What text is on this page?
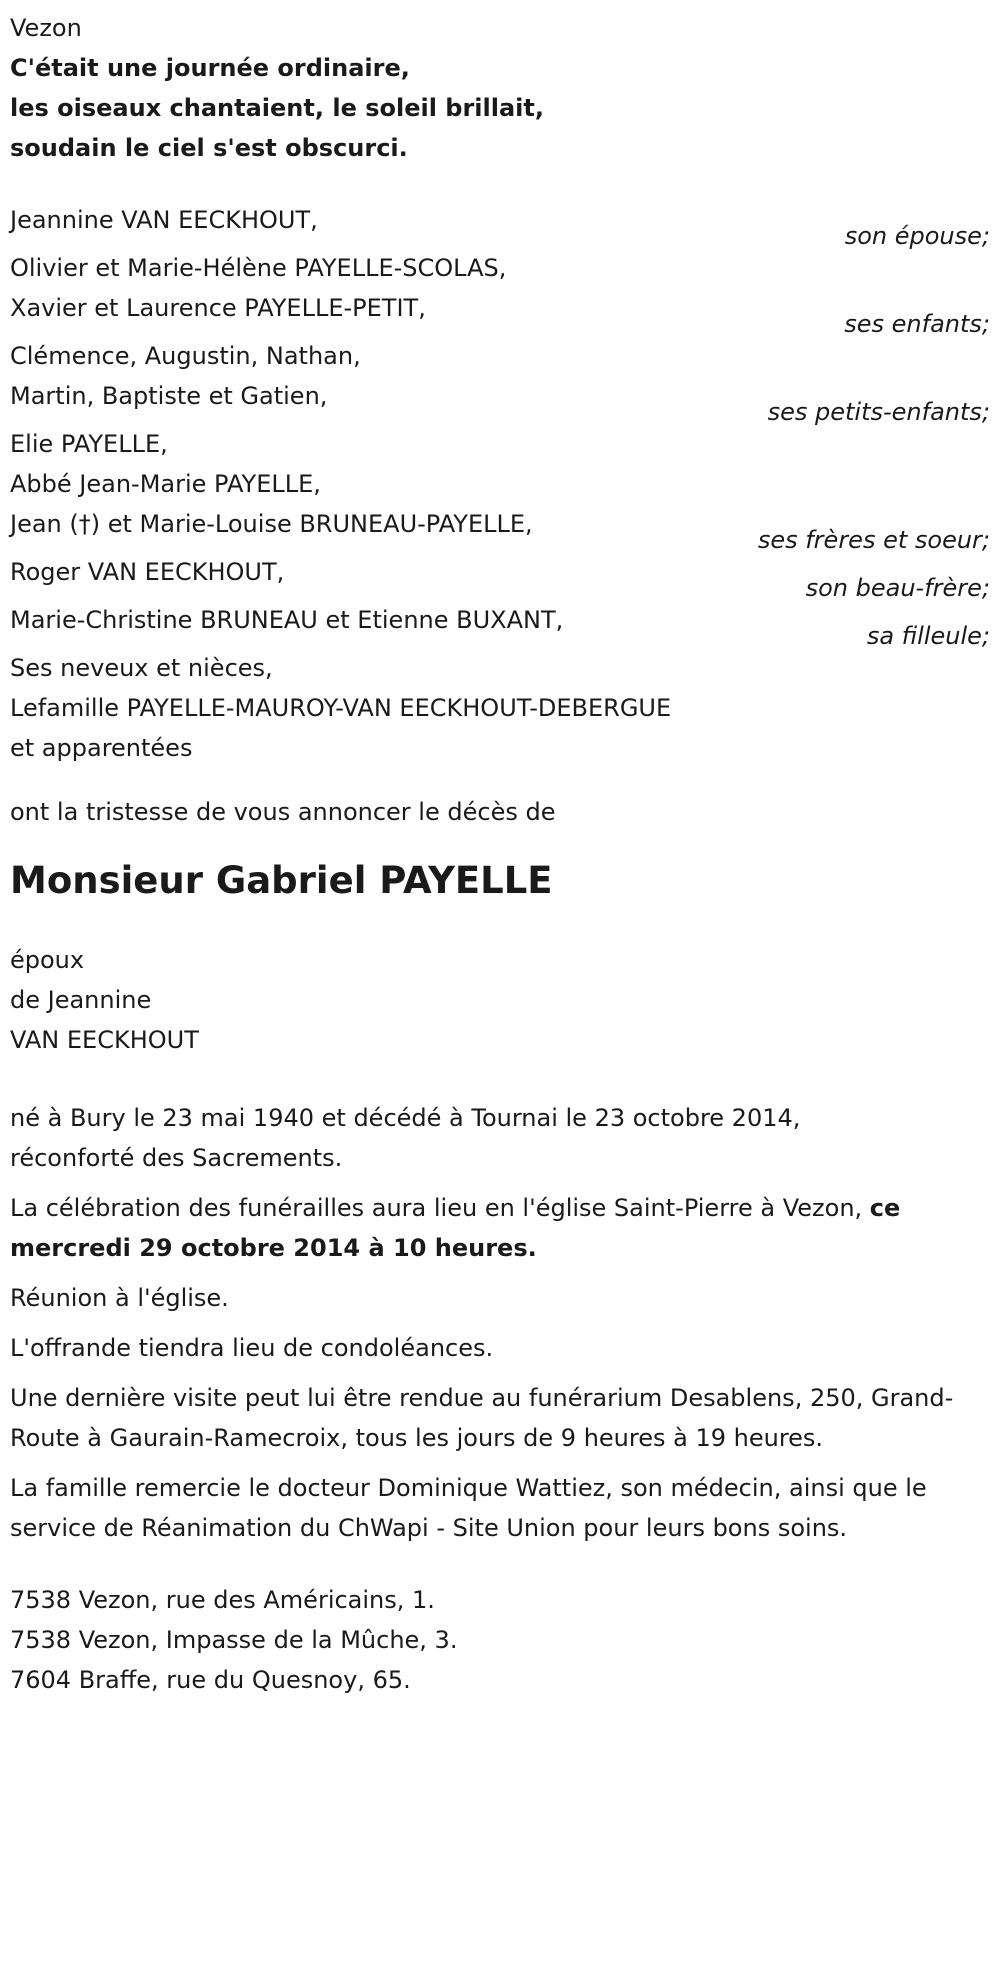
Vezon
C'était une journée ordinaire,
les oiseaux chantaient, le soleil brillait,
soudain le ciel s'est obscurci.
Jeannine VAN EECKHOUT,
son épouse;
Olivier et Marie-Hélène PAYELLE-SCOLAS,
Xavier et Laurence PAYELLE-PETIT,
ses enfants;
Clémence, Augustin, Nathan,
Martin, Baptiste et Gatien,
ses petits-enfants;
Elie PAYELLE,
Abbé Jean-Marie PAYELLE,
Jean (†) et Marie-Louise BRUNEAU-PAYELLE,
ses frères et soeur;
Roger VAN EECKHOUT,
son beau-frère;
Marie-Christine BRUNEAU et Etienne BUXANT,
sa filleule;
Ses neveux et nièces,
Lefamille PAYELLE-MAUROY-VAN EECKHOUT-DEBERGUE
et apparentées
ont la tristesse de vous annoncer le décès de
Monsieur Gabriel PAYELLE
époux
de Jeannine
VAN EECKHOUT
né à Bury le 23 mai 1940 et décédé à Tournai le 23 octobre 2014,
réconforté des Sacrements.
La célébration des funérailles aura lieu en l'église Saint-Pierre à Vezon, ce mercredi 29 octobre 2014 à 10 heures.
Réunion à l'église.
L'offrande tiendra lieu de condoléances.
Une dernière visite peut lui être rendue au funérarium Desablens, 250, Grand-Route à Gaurain-Ramecroix, tous les jours de 9 heures à 19 heures.
La famille remercie le docteur Dominique Wattiez, son médecin, ainsi que le service de Réanimation du ChWapi - Site Union pour leurs bons soins.
7538 Vezon, rue des Américains, 1.
7538 Vezon, Impasse de la Mûche, 3.
7604 Braffe, rue du Quesnoy, 65.
